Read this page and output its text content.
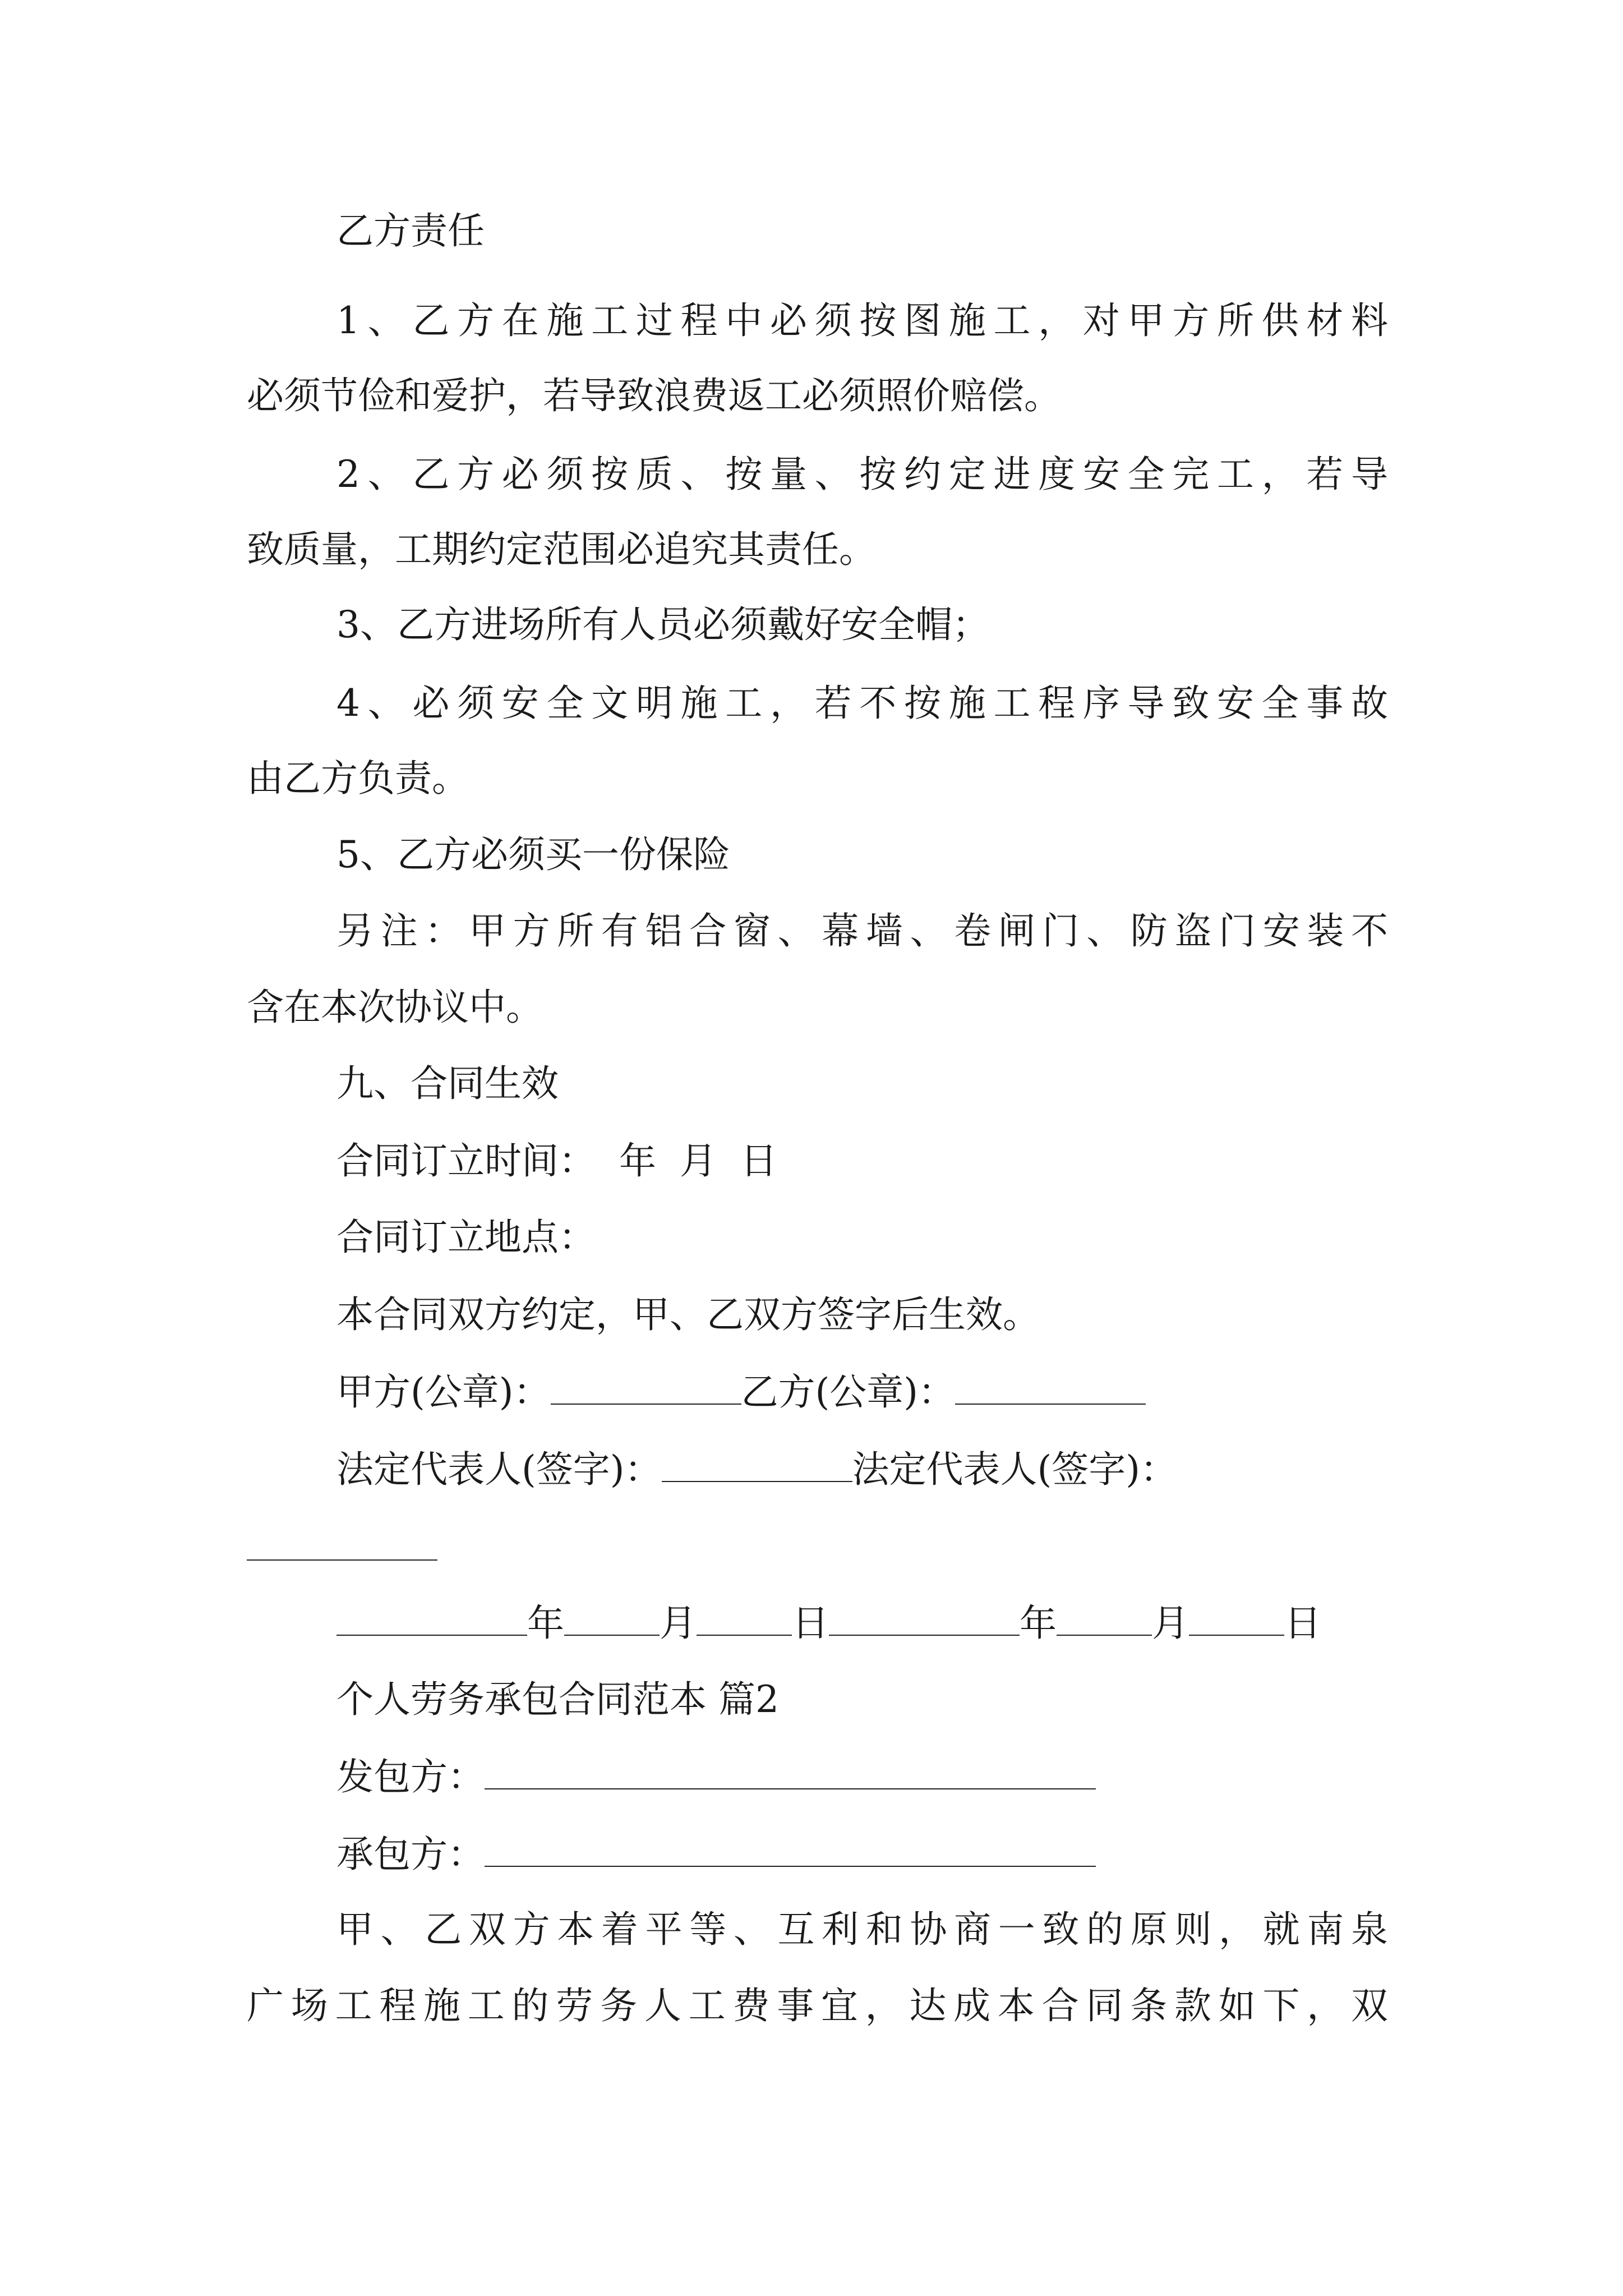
乙方责任
1、乙方在施工过程中必须按图施工，对甲方所供材料
必须节俭和爱护，若导致浪费返工必须照价赔偿。
2、乙方必须按质、按量、按约定进度安全完工，若导
致质量，工期约定范围必追究其责任。
3、乙方进场所有人员必须戴好安全帽；
4、必须安全文明施工，若不按施工程序导致安全事故
由乙方负责。
5、乙方必须买一份保险
另注：甲方所有铝合窗、幕墙、卷闸门、防盗门安装不
含在本次协议中。
九、合同生效
合同订立时间：  年  月  日
合同订立地点：
本合同双方约定，甲、乙双方签字后生效。
甲方(公章)：	乙方(公章)：
法定代表人(签字)：	法定代表人(签字)：
年	月	日	年	月	日
个人劳务承包合同范本 篇2
发包方：
承包方：
甲、乙双方本着平等、互利和协商一致的原则，就南泉
广场工程施工的劳务人工费事宜，达成本合同条款如下，双
